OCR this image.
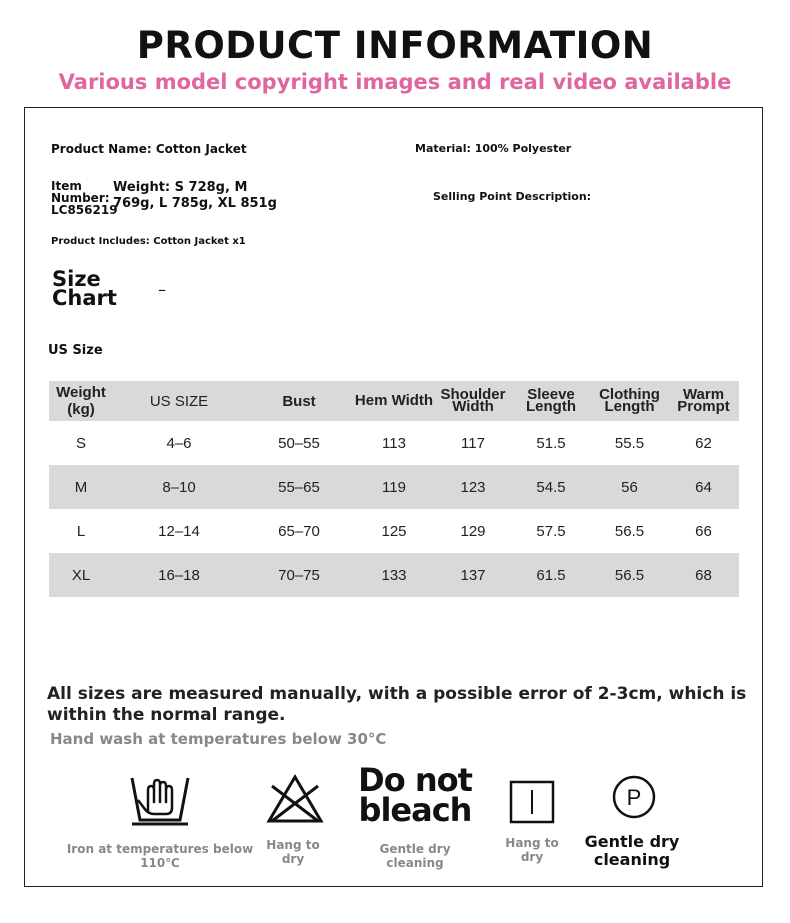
PRODUCT INFORMATION
Various model copyright images and real video available
Product Name: Cotton Jacket	Material: 100% Polyester
Item Number: LC856219
Weight: S 728g, M 769g, L 785g, XL 851g	Selling Point Description:
Product Includes: Cotton Jacket x1
Size Chart	–
US Size
Weight (kg)	US SIZE	Bust	Hem Width	Shoulder Width	Sleeve Length	Clothing Length	Warm Prompt
S	4–6	50–55	113	117	51.5	55.5	62
M	8–10	55–65	119	123	54.5	56	64
L	12–14	65–70	125	129	57.5	56.5	66
XL	16–18	70–75	133	137	61.5	56.5	68
All sizes are measured manually, with a possible error of 2-3cm, which is within the normal range.
Hand wash at temperatures below 30°C
Iron at temperatures below 110℃
Hang to dry
Do not bleach
Gentle dry cleaning
Hang to dry
P
Gentle dry cleaning
